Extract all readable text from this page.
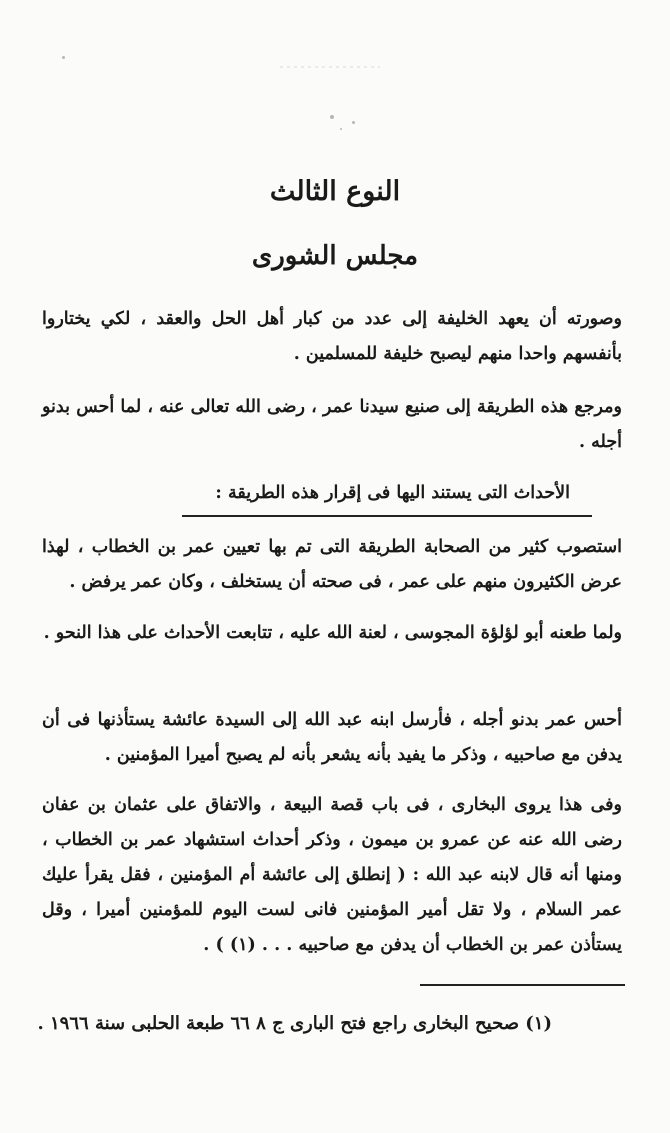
النوع الثالث
مجلس الشورى
وصورته أن يعهد الخليفة إلى عدد من كبار أهل الحل والعقد ، لكي يختاروا بأنفسهم واحدا منهم ليصبح خليفة للمسلمين .
ومرجع هذه الطريقة إلى صنيع سيدنا عمر ، رضى الله تعالى عنه ، لما أحس بدنو أجله .
الأحداث التى يستند اليها فى إقرار هذه الطريقة :
استصوب كثير من الصحابة الطريقة التى تم بها تعيين عمر بن الخطاب ، لهذا عرض الكثيرون منهم على عمر ، فى صحته أن يستخلف ، وكان عمر يرفض .
ولما طعنه أبو لؤلؤة المجوسى ، لعنة الله عليه ، تتابعت الأحداث على هذا النحو .
أحس عمر بدنو أجله ، فأرسل ابنه عبد الله إلى السيدة عائشة يستأذنها فى أن يدفن مع صاحبيه ، وذكر ما يفيد بأنه يشعر بأنه لم يصبح أميرا المؤمنين .
وفى هذا يروى البخارى ، فى باب قصة البيعة ، والاتفاق على عثمان بن عفان رضى الله عنه عن عمرو بن ميمون ، وذكر أحداث استشهاد عمر بن الخطاب ، ومنها أنه قال لابنه عبد الله : ( إنطلق إلى عائشة أم المؤمنين ، فقل يقرأ عليك عمر السلام ، ولا تقل أمير المؤمنين فانى لست اليوم للمؤمنين أميرا ، وقل يستأذن عمر بن الخطاب أن يدفن مع صاحبيه . . . (١) ) .
(١) صحيح البخارى راجع فتح البارى ج ٨ ٦٦ طبعة الحلبى سنة ١٩٦٦ .
